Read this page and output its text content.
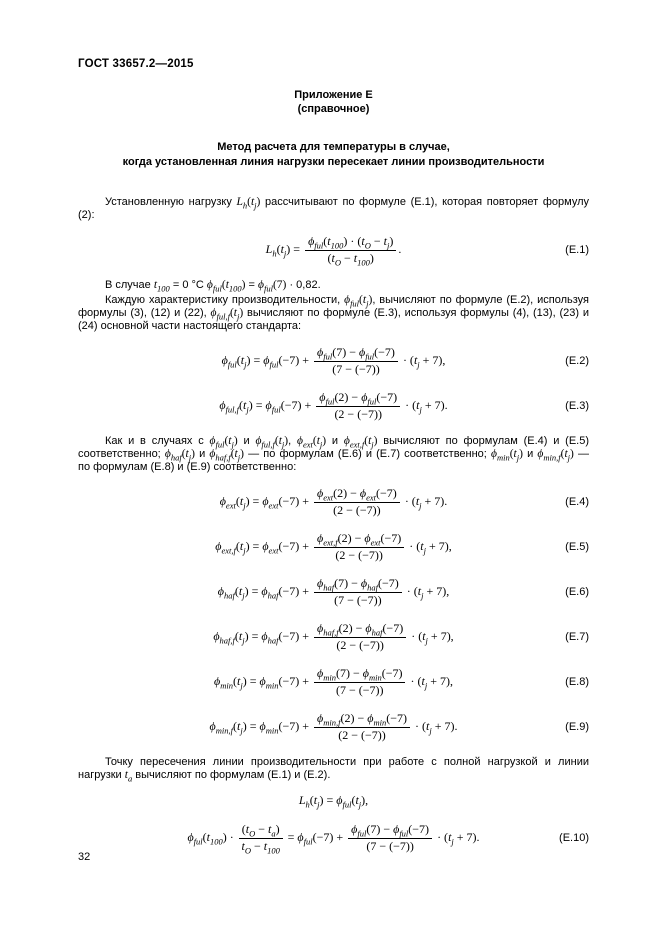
ГОСТ 33657.2—2015
Приложение Е
(справочное)
Метод расчета для температуры в случае,
когда установленная линия нагрузки пересекает линии производительности

Установленную нагрузку $L_h(t_j)$ рассчитывают по формуле (Е.1), которая повторяет формулу (2):

$L_h(t_j) = \frac{\phi_{ful}(t_{100}) \cdot (t_O - t_j)}{(t_O - t_{100})}$ .	(Е.1)

В случае $t_{100} = 0$ °С $\phi_{ful}(t_{100}) = \phi_{ful}(7) \cdot 0,82$.

Каждую характеристику производительности, $\phi_{ful}(t_j)$, вычисляют по формуле (Е.2), используя формулы (3), (12) и (22), $\phi_{ful,f}(t_j)$ вычисляют по формуле (Е.3), используя формулы (4), (13), (23) и (24) основной части настоящего стандарта:

$\phi_{ful}(t_j) = \phi_{ful}(-7) + \frac{\phi_{ful}(7) - \phi_{ful}(-7)}{(7 - (-7))} \cdot (t_j + 7)$,	(Е.2)
$\phi_{ful,f}(t_j) = \phi_{ful}(-7) + \frac{\phi_{ful}(2) - \phi_{ful}(-7)}{(2 - (-7))} \cdot (t_j + 7)$.	(Е.3)

Как и в случаях с $\phi_{ful}(t_j)$ и $\phi_{ful,f}(t_j)$, $\phi_{ext}(t_j)$ и $\phi_{ext,f}(t_j)$ вычисляют по формулам (Е.4) и (Е.5) соответственно; $\phi_{haf}(t_j)$ и $\phi_{haf,f}(t_j)$ — по формулам (Е.6) и (Е.7) соответственно; $\phi_{min}(t_j)$ и $\phi_{min,f}(t_j)$ — по формулам (Е.8) и (Е.9) соответственно:

$\phi_{ext}(t_j) = \phi_{ext}(-7) + \frac{\phi_{ext}(2) - \phi_{ext}(-7)}{(2 - (-7))} \cdot (t_j + 7)$.	(Е.4)
$\phi_{ext,f}(t_j) = \phi_{ext}(-7) + \frac{\phi_{ext,f}(2) - \phi_{ext}(-7)}{(2 - (-7))} \cdot (t_j + 7)$,	(Е.5)
$\phi_{haf}(t_j) = \phi_{haf}(-7) + \frac{\phi_{haf}(7) - \phi_{haf}(-7)}{(7 - (-7))} \cdot (t_j + 7)$,	(Е.6)
$\phi_{haf,f}(t_j) = \phi_{haf}(-7) + \frac{\phi_{haf,f}(2) - \phi_{haf}(-7)}{(2 - (-7))} \cdot (t_j + 7)$,	(Е.7)
$\phi_{min}(t_j) = \phi_{min}(-7) + \frac{\phi_{min}(7) - \phi_{min}(-7)}{(7 - (-7))} \cdot (t_j + 7)$,	(Е.8)
$\phi_{min,f}(t_j) = \phi_{min}(-7) + \frac{\phi_{min,f}(2) - \phi_{min}(-7)}{(2 - (-7))} \cdot (t_j + 7)$.	(Е.9)

Точку пересечения линии производительности при работе с полной нагрузкой и линии нагрузки $t_a$ вычисляют по формулам (Е.1) и (Е.2).

$L_h(t_j) = \phi_{ful}(t_j)$,
$\phi_{ful}(t_{100}) \cdot \frac{(t_O - t_a)}{t_O - t_{100}} = \phi_{ful}(-7) + \frac{\phi_{ful}(7) - \phi_{ful}(-7)}{(7 - (-7))} \cdot (t_j + 7)$.	(Е.10)
32
